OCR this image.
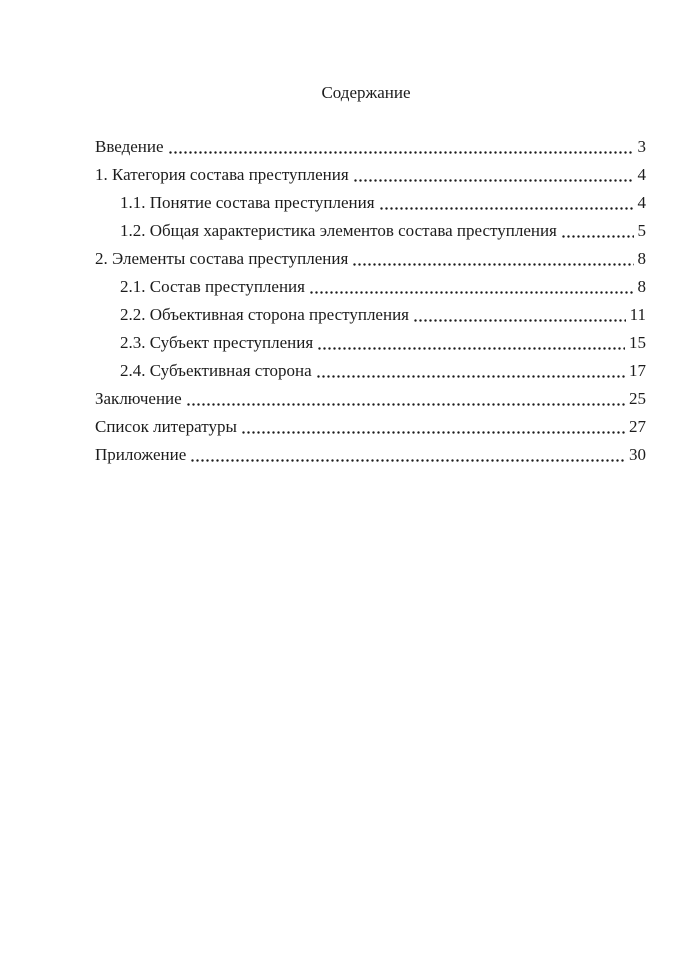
Содержание
Введение	3
1. Категория состава преступления	4
1.1. Понятие состава преступления	4
1.2. Общая характеристика элементов состава преступления	5
2. Элементы состава преступления	8
2.1. Состав преступления	8
2.2. Объективная сторона преступления	11
2.3. Субъект преступления	15
2.4. Субъективная сторона	17
Заключение	25
Список литературы	27
Приложение	30
